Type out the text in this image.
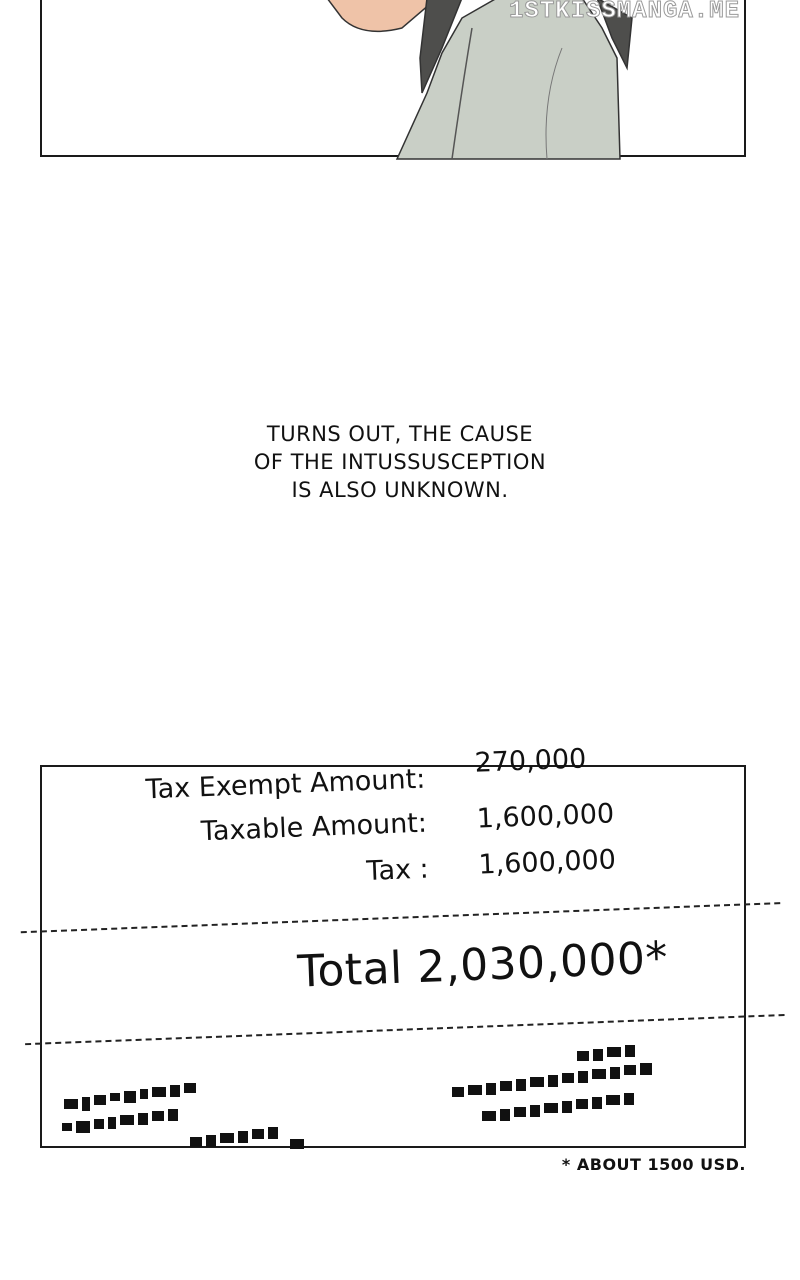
1STKISSMANGA.ME
TURNS OUT, THE CAUSE
OF THE INTUSSUSCEPTION
IS ALSO UNKNOWN.
Tax Exempt Amount:
270,000
Taxable Amount: 1,600,000
Tax : 1,600,000
Total 2,030,000*
* ABOUT 1500 USD.
